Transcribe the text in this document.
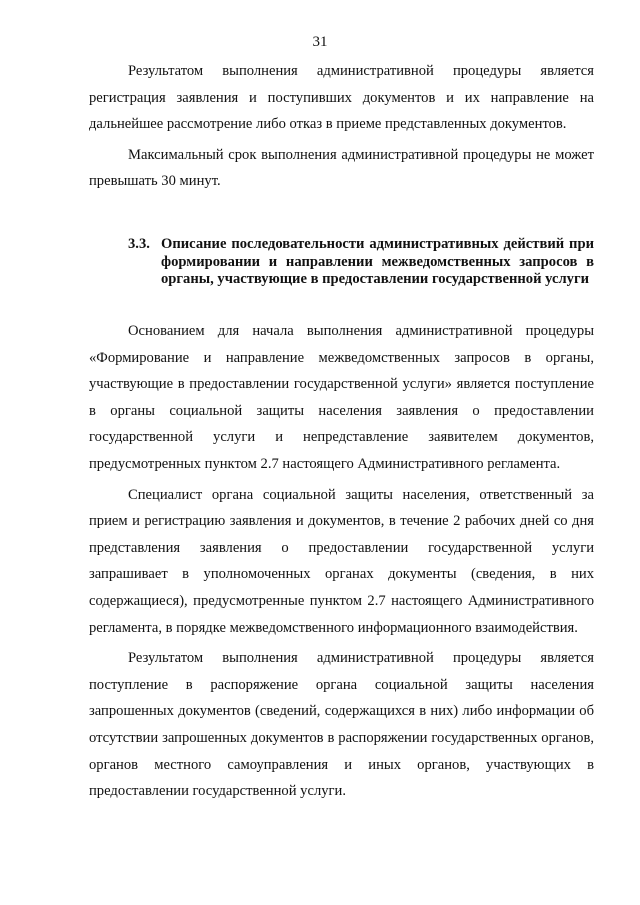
31

Результатом выполнения административной процедуры является регистрация заявления и поступивших документов и их направление на дальнейшее рассмотрение либо отказ в приеме представленных документов.

Максимальный срок выполнения административной процедуры не может превышать 30 минут.

3.3. Описание последовательности административных действий при формировании и направлении межведомственных запросов в органы, участвующие в предоставлении государственной услуги

Основанием для начала выполнения административной процедуры «Формирование и направление межведомственных запросов в органы, участвующие в предоставлении государственной услуги» является поступление в органы социальной защиты населения заявления о предоставлении государственной услуги и непредставление заявителем документов, предусмотренных пунктом 2.7 настоящего Административного регламента.

Специалист органа социальной защиты населения, ответственный за прием и регистрацию заявления и документов, в течение 2 рабочих дней со дня представления заявления о предоставлении государственной услуги запрашивает в уполномоченных органах документы (сведения, в них содержащиеся), предусмотренные пунктом 2.7 настоящего Административного регламента, в порядке межведомственного информационного взаимодействия.

Результатом выполнения административной процедуры является поступление в распоряжение органа социальной защиты населения запрошенных документов (сведений, содержащихся в них) либо информации об отсутствии запрошенных документов в распоряжении государственных органов, органов местного самоуправления и иных органов, участвующих в предоставлении государственной услуги.
